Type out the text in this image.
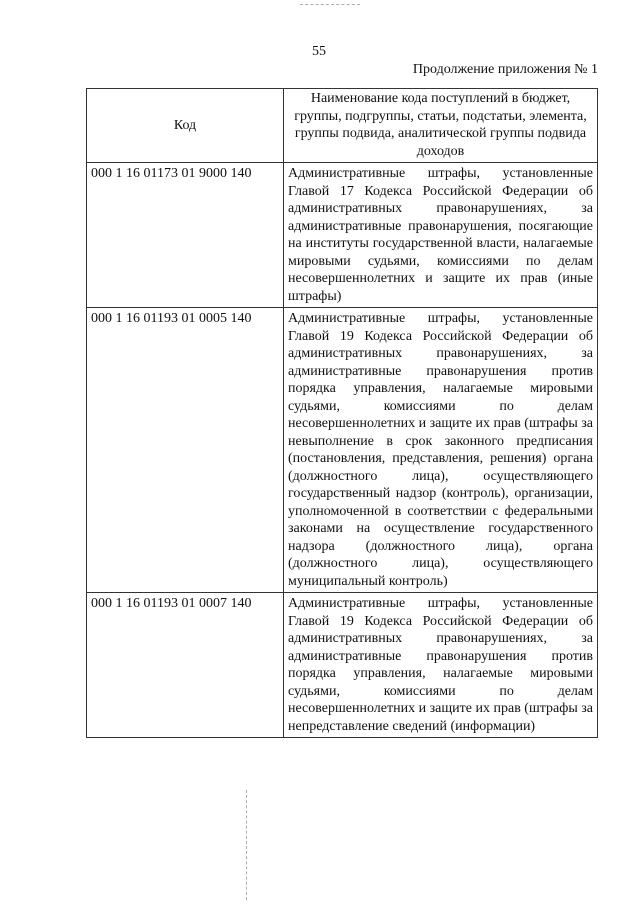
55
Продолжение приложения № 1
Код	Наименование кода поступлений в бюджет, группы, подгруппы, статьи, подстатьи, элемента, группы подвида, аналитической группы подвида доходов
000 1 16 01173 01 9000 140	Административные штрафы, установленные Главой 17 Кодекса Российской Федерации об административных правонарушениях, за административные правонарушения, посягающие на институты государственной власти, налагаемые мировыми судьями, комиссиями по делам несовершеннолетних и защите их прав (иные штрафы)
000 1 16 01193 01 0005 140	Административные штрафы, установленные Главой 19 Кодекса Российской Федерации об административных правонарушениях, за административные правонарушения против порядка управления, налагаемые мировыми судьями, комиссиями по делам несовершеннолетних и защите их прав (штрафы за невыполнение в срок законного предписания (постановления, представления, решения) органа (должностного лица), осуществляющего государственный надзор (контроль), организации, уполномоченной в соответствии с федеральными законами на осуществление государственного надзора (должностного лица), органа (должностного лица), осуществляющего муниципальный контроль)
000 1 16 01193 01 0007 140	Административные штрафы, установленные Главой 19 Кодекса Российской Федерации об административных правонарушениях, за административные правонарушения против порядка управления, налагаемые мировыми судьями, комиссиями по делам несовершеннолетних и защите их прав (штрафы за непредставление сведений (информации)
